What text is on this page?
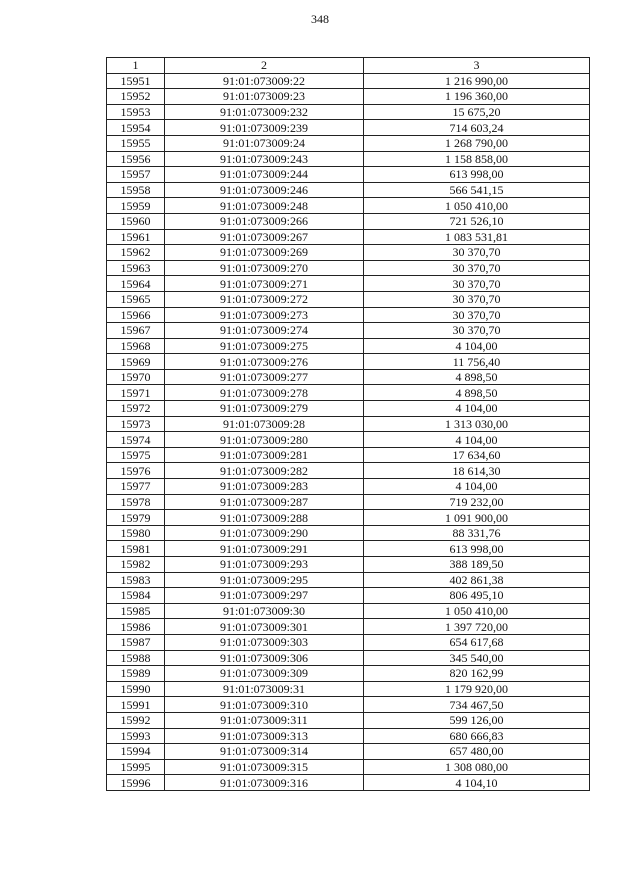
348
1	2	3
15951	91:01:073009:22	1 216 990,00
15952	91:01:073009:23	1 196 360,00
15953	91:01:073009:232	15 675,20
15954	91:01:073009:239	714 603,24
15955	91:01:073009:24	1 268 790,00
15956	91:01:073009:243	1 158 858,00
15957	91:01:073009:244	613 998,00
15958	91:01:073009:246	566 541,15
15959	91:01:073009:248	1 050 410,00
15960	91:01:073009:266	721 526,10
15961	91:01:073009:267	1 083 531,81
15962	91:01:073009:269	30 370,70
15963	91:01:073009:270	30 370,70
15964	91:01:073009:271	30 370,70
15965	91:01:073009:272	30 370,70
15966	91:01:073009:273	30 370,70
15967	91:01:073009:274	30 370,70
15968	91:01:073009:275	4 104,00
15969	91:01:073009:276	11 756,40
15970	91:01:073009:277	4 898,50
15971	91:01:073009:278	4 898,50
15972	91:01:073009:279	4 104,00
15973	91:01:073009:28	1 313 030,00
15974	91:01:073009:280	4 104,00
15975	91:01:073009:281	17 634,60
15976	91:01:073009:282	18 614,30
15977	91:01:073009:283	4 104,00
15978	91:01:073009:287	719 232,00
15979	91:01:073009:288	1 091 900,00
15980	91:01:073009:290	88 331,76
15981	91:01:073009:291	613 998,00
15982	91:01:073009:293	388 189,50
15983	91:01:073009:295	402 861,38
15984	91:01:073009:297	806 495,10
15985	91:01:073009:30	1 050 410,00
15986	91:01:073009:301	1 397 720,00
15987	91:01:073009:303	654 617,68
15988	91:01:073009:306	345 540,00
15989	91:01:073009:309	820 162,99
15990	91:01:073009:31	1 179 920,00
15991	91:01:073009:310	734 467,50
15992	91:01:073009:311	599 126,00
15993	91:01:073009:313	680 666,83
15994	91:01:073009:314	657 480,00
15995	91:01:073009:315	1 308 080,00
15996	91:01:073009:316	4 104,10
